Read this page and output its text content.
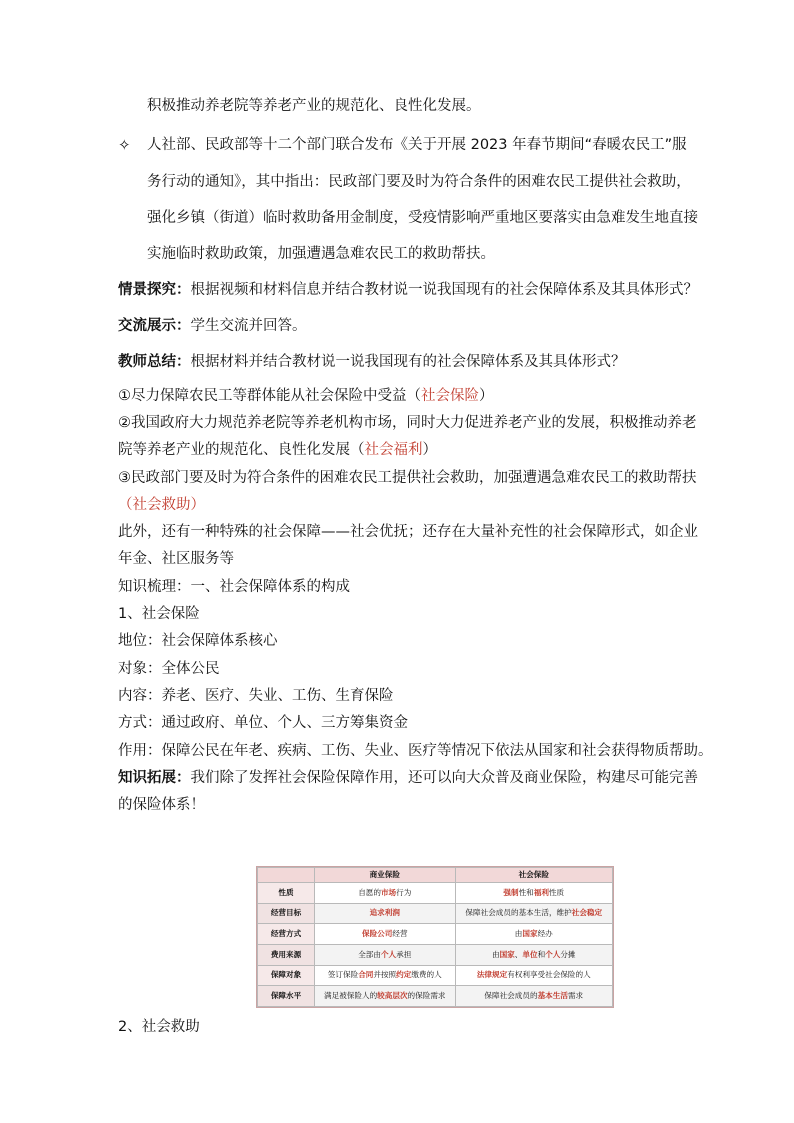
积极推动养老院等养老产业的规范化、良性化发展。
✧ 人社部、民政部等十二个部门联合发布《关于开展 2023 年春节期间“春暖农民工”服
务行动的通知》，其中指出：民政部门要及时为符合条件的困难农民工提供社会救助，
强化乡镇（街道）临时救助备用金制度，受疫情影响严重地区要落实由急难发生地直接
实施临时救助政策，加强遭遇急难农民工的救助帮扶。
情景探究：根据视频和材料信息并结合教材说一说我国现有的社会保障体系及其具体形式？
交流展示：学生交流并回答。
教师总结：根据材料并结合教材说一说我国现有的社会保障体系及其具体形式？
①尽力保障农民工等群体能从社会保险中受益（社会保险）
②我国政府大力规范养老院等养老机构市场，同时大力促进养老产业的发展，积极推动养老
院等养老产业的规范化、良性化发展（社会福利）
③民政部门要及时为符合条件的困难农民工提供社会救助，加强遭遇急难农民工的救助帮扶
（社会救助）
此外，还有一种特殊的社会保障——社会优抚；还存在大量补充性的社会保障形式，如企业
年金、社区服务等
知识梳理：一、社会保障体系的构成
1、社会保险
地位：社会保障体系核心
对象：全体公民
内容：养老、医疗、失业、工伤、生育保险
方式：通过政府、单位、个人、三方筹集资金
作用：保障公民在年老、疾病、工伤、失业、医疗等情况下依法从国家和社会获得物质帮助。
知识拓展：我们除了发挥社会保险保障作用，还可以向大众普及商业保险，构建尽可能完善
的保险体系！
	商业保险	社会保险
性质	自愿的市场行为	强制性和福利性质
经营目标	追求利润	保障社会成员的基本生活，维护社会稳定
经营方式	保险公司经营	由国家经办
费用来源	全部由个人承担	由国家、单位和个人分摊
保障对象	签订保险合同并按照约定缴费的人	法律规定有权利享受社会保险的人
保障水平	满足被保险人的较高层次的保险需求	保障社会成员的基本生活需求
2、社会救助
